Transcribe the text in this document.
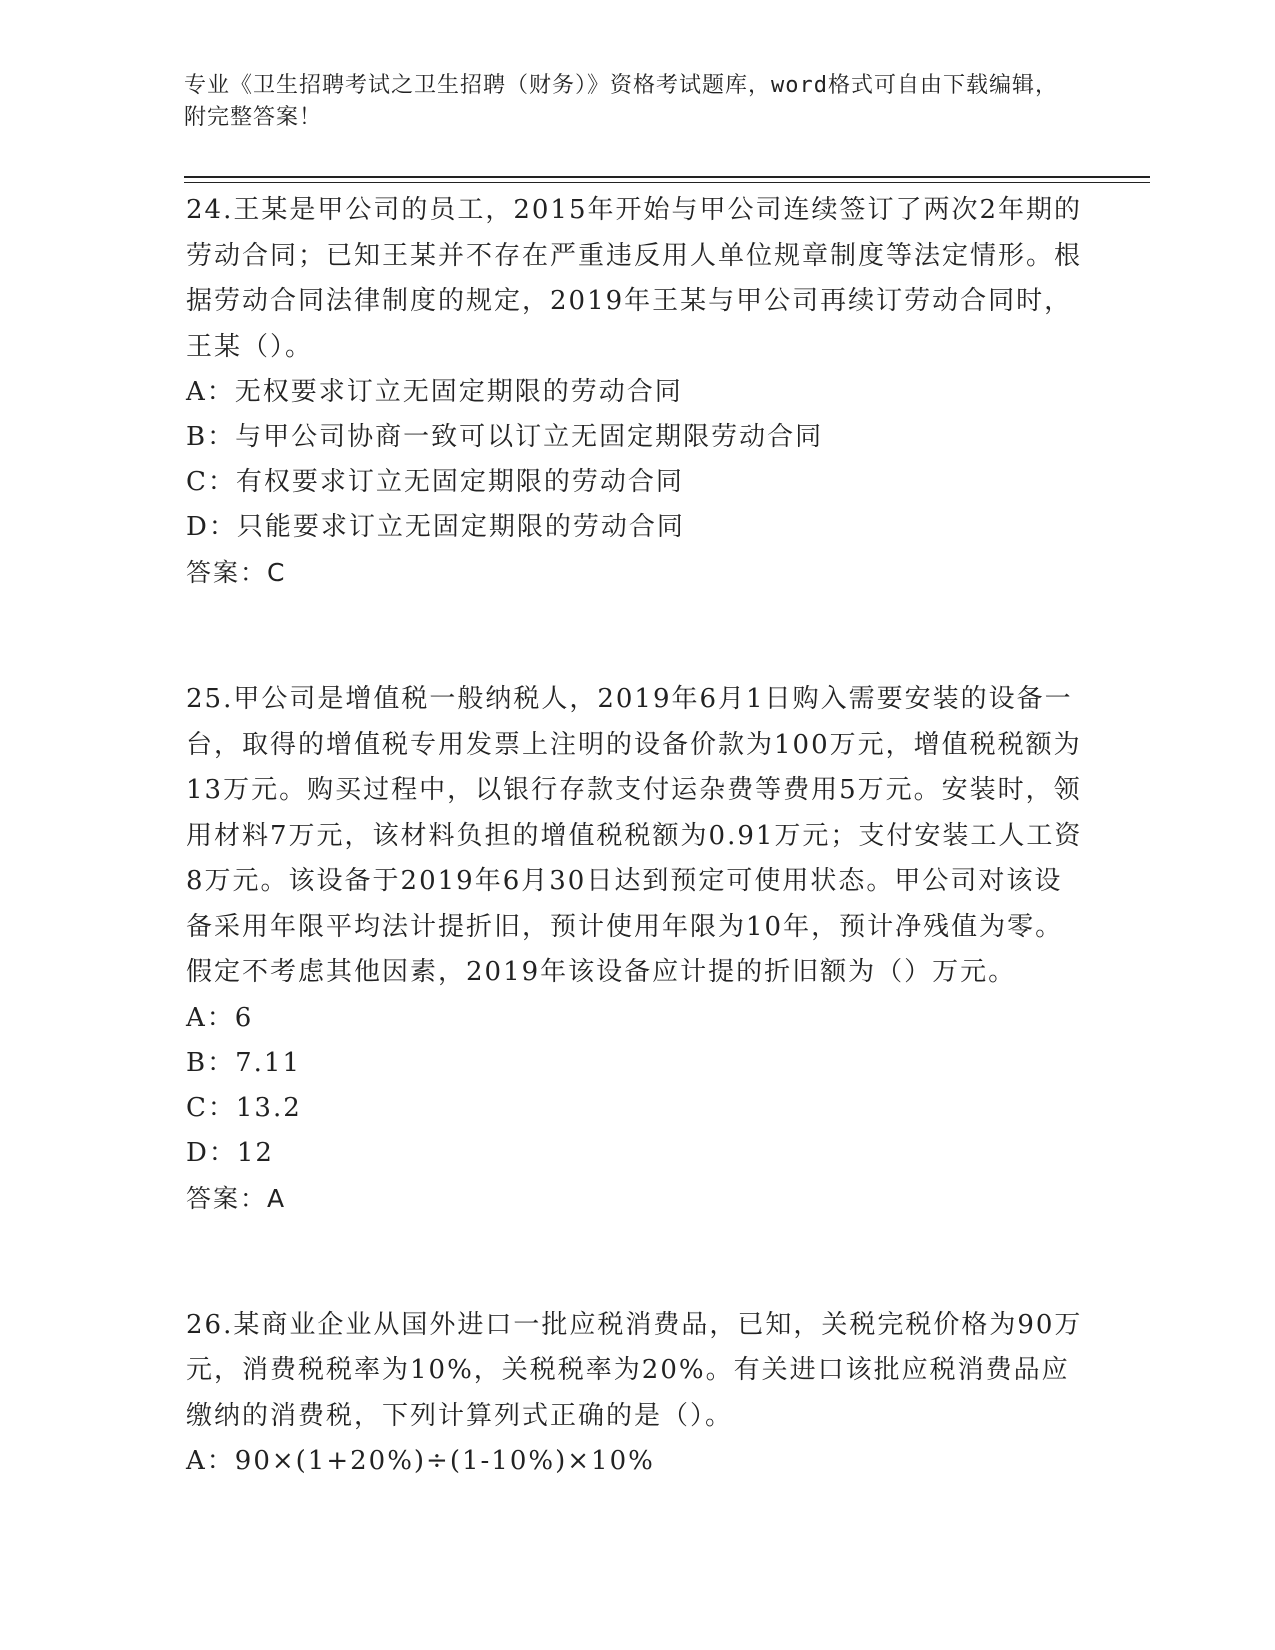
专业《卫生招聘考试之卫生招聘（财务）》资格考试题库，word格式可自由下载编辑，附完整答案！
24.王某是甲公司的员工，2015年开始与甲公司连续签订了两次2年期的劳动合同；已知王某并不存在严重违反用人单位规章制度等法定情形。根据劳动合同法律制度的规定，2019年王某与甲公司再续订劳动合同时，王某（）。
A：无权要求订立无固定期限的劳动合同
B：与甲公司协商一致可以订立无固定期限劳动合同
C：有权要求订立无固定期限的劳动合同
D：只能要求订立无固定期限的劳动合同
答案：C
25.甲公司是增值税一般纳税人，2019年6月1日购入需要安装的设备一台，取得的增值税专用发票上注明的设备价款为100万元，增值税税额为13万元。购买过程中，以银行存款支付运杂费等费用5万元。安装时，领用材料7万元，该材料负担的增值税税额为0.91万元；支付安装工人工资8万元。该设备于2019年6月30日达到预定可使用状态。甲公司对该设备采用年限平均法计提折旧，预计使用年限为10年，预计净残值为零。假定不考虑其他因素，2019年该设备应计提的折旧额为（）万元。
A：6
B：7.11
C：13.2
D：12
答案：A
26.某商业企业从国外进口一批应税消费品，已知，关税完税价格为90万元，消费税税率为10%，关税税率为20%。有关进口该批应税消费品应缴纳的消费税，下列计算列式正确的是（）。
A：90×(1+20%)÷(1-10%)×10%
